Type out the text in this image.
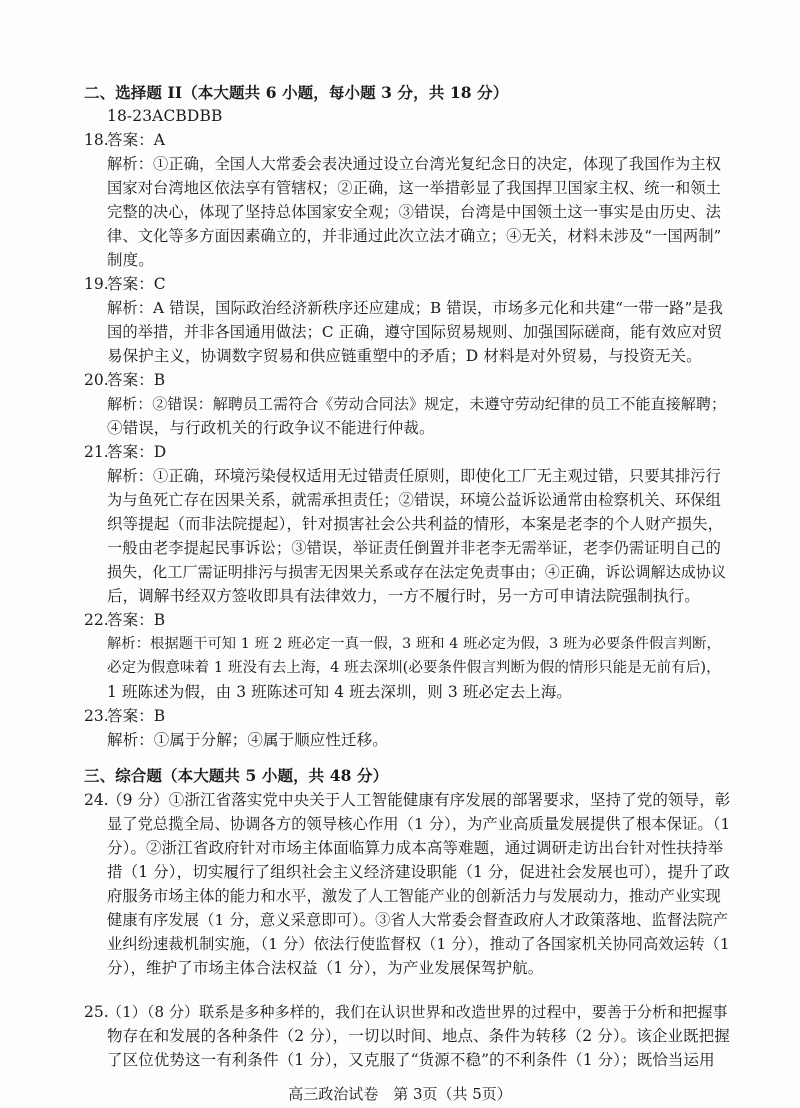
二、选择题 II（本大题共 6 小题，每小题 3 分，共 18 分）
18-23ACBDBB
18.
答案：A
解析：①正确，全国人大常委会表决通过设立台湾光复纪念日的决定，体现了我国作为主权
国家对台湾地区依法享有管辖权；②正确，这一举措彰显了我国捍卫国家主权、统一和领土
完整的决心，体现了坚持总体国家安全观；③错误，台湾是中国领土这一事实是由历史、法
律、文化等多方面因素确立的，并非通过此次立法才确立；④无关，材料未涉及“一国两制”
制度。
19.
答案：C
解析：A 错误，国际政治经济新秩序还应建成；B 错误，市场多元化和共建“一带一路”是我
国的举措，并非各国通用做法；C 正确，遵守国际贸易规则、加强国际磋商，能有效应对贸
易保护主义，协调数字贸易和供应链重塑中的矛盾；D 材料是对外贸易，与投资无关。
20.
答案：B
解析：②错误：解聘员工需符合《劳动合同法》规定，未遵守劳动纪律的员工不能直接解聘；
④错误，与行政机关的行政争议不能进行仲裁。
21.
答案：D
解析：①正确，环境污染侵权适用无过错责任原则，即使化工厂无主观过错，只要其排污行
为与鱼死亡存在因果关系，就需承担责任；②错误，环境公益诉讼通常由检察机关、环保组
织等提起（而非法院提起），针对损害社会公共利益的情形，本案是老李的个人财产损失，
一般由老李提起民事诉讼；③错误，举证责任倒置并非老李无需举证，老李仍需证明自己的
损失，化工厂需证明排污与损害无因果关系或存在法定免责事由；④正确，诉讼调解达成协议
后，调解书经双方签收即具有法律效力，一方不履行时，另一方可申请法院强制执行。
22.
答案：B
解析：根据题干可知 1 班 2 班必定一真一假，3 班和 4 班必定为假，3 班为必要条件假言判断，
必定为假意味着 1 班没有去上海，4 班去深圳(必要条件假言判断为假的情形只能是无前有后)，
1 班陈述为假，由 3 班陈述可知 4 班去深圳，则 3 班必定去上海。
23.
答案：B
解析：①属于分解；④属于顺应性迁移。
三、综合题（本大题共 5 小题，共 48 分）
24.
（9 分）①浙江省落实党中央关于人工智能健康有序发展的部署要求，坚持了党的领导，彰
显了党总揽全局、协调各方的领导核心作用（1 分），为产业高质量发展提供了根本保证。（1
分）。②浙江省政府针对市场主体面临算力成本高等难题，通过调研走访出台针对性扶持举
措（1 分），切实履行了组织社会主义经济建设职能（1 分，促进社会发展也可），提升了政
府服务市场主体的能力和水平，激发了人工智能产业的创新活力与发展动力，推动产业实现
健康有序发展（1 分，意义采意即可）。③省人大常委会督查政府人才政策落地、监督法院产
业纠纷速裁机制实施，（1 分）依法行使监督权（1 分），推动了各国家机关协同高效运转（1
分），维护了市场主体合法权益（1 分），为产业发展保驾护航。
25.
（1）（8 分）联系是多种多样的，我们在认识世界和改造世界的过程中，要善于分析和把握事
物存在和发展的各种条件（2 分），一切以时间、地点、条件为转移（2 分）。该企业既把握
了区位优势这一有利条件（1 分），又克服了“货源不稳”的不利条件（1 分）；既恰当运用
高三政治试卷　第 3页（共 5页）
